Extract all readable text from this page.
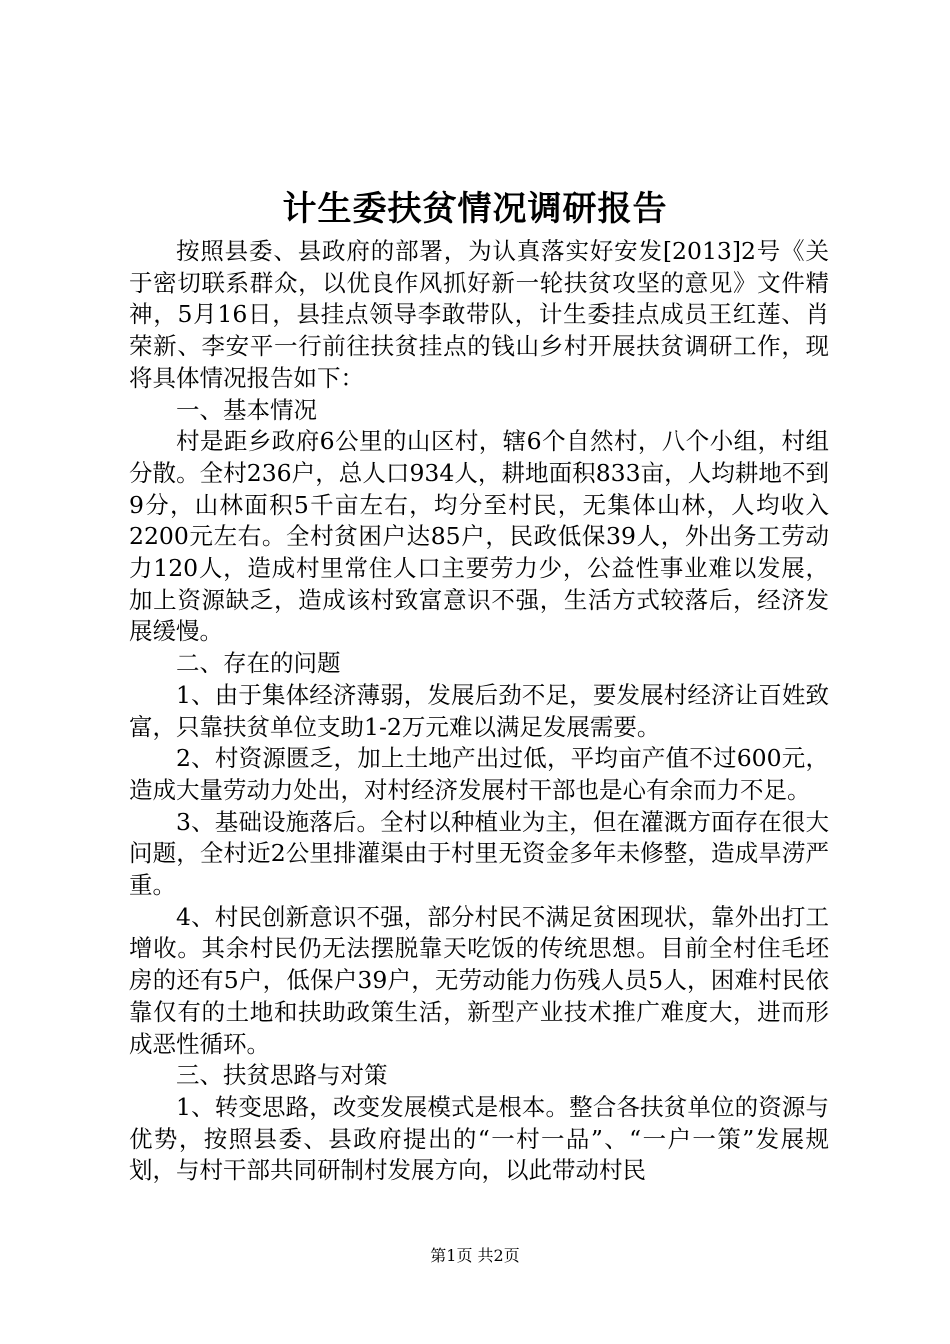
计生委扶贫情况调研报告

按照县委、县政府的部署，为认真落实好安发[2013]2号《关于密切联系群众，以优良作风抓好新一轮扶贫攻坚的意见》文件精神，5月16日，县挂点领导李敢带队，计生委挂点成员王红莲、肖荣新、李安平一行前往扶贫挂点的钱山乡村开展扶贫调研工作，现将具体情况报告如下：

一、基本情况

村是距乡政府6公里的山区村，辖6个自然村，八个小组，村组分散。全村236户，总人口934人，耕地面积833亩，人均耕地不到9分，山林面积5千亩左右，均分至村民，无集体山林，人均收入2200元左右。全村贫困户达85户，民政低保39人，外出务工劳动力120人，造成村里常住人口主要劳力少，公益性事业难以发展，加上资源缺乏，造成该村致富意识不强，生活方式较落后，经济发展缓慢。

二、存在的问题

1、由于集体经济薄弱，发展后劲不足，要发展村经济让百姓致富，只靠扶贫单位支助1-2万元难以满足发展需要。

2、村资源匮乏，加上土地产出过低，平均亩产值不过600元，造成大量劳动力处出，对村经济发展村干部也是心有余而力不足。

3、基础设施落后。全村以种植业为主，但在灌溉方面存在很大问题，全村近2公里排灌渠由于村里无资金多年未修整，造成旱涝严重。

4、村民创新意识不强，部分村民不满足贫困现状，靠外出打工增收。其余村民仍无法摆脱靠天吃饭的传统思想。目前全村住毛坯房的还有5户，低保户39户，无劳动能力伤残人员5人，困难村民依靠仅有的土地和扶助政策生活，新型产业技术推广难度大，进而形成恶性循环。

三、扶贫思路与对策

1、转变思路，改变发展模式是根本。整合各扶贫单位的资源与优势，按照县委、县政府提出的“一村一品”、“一户一策”发展规划，与村干部共同研制村发展方向，以此带动村民

第1页 共2页
